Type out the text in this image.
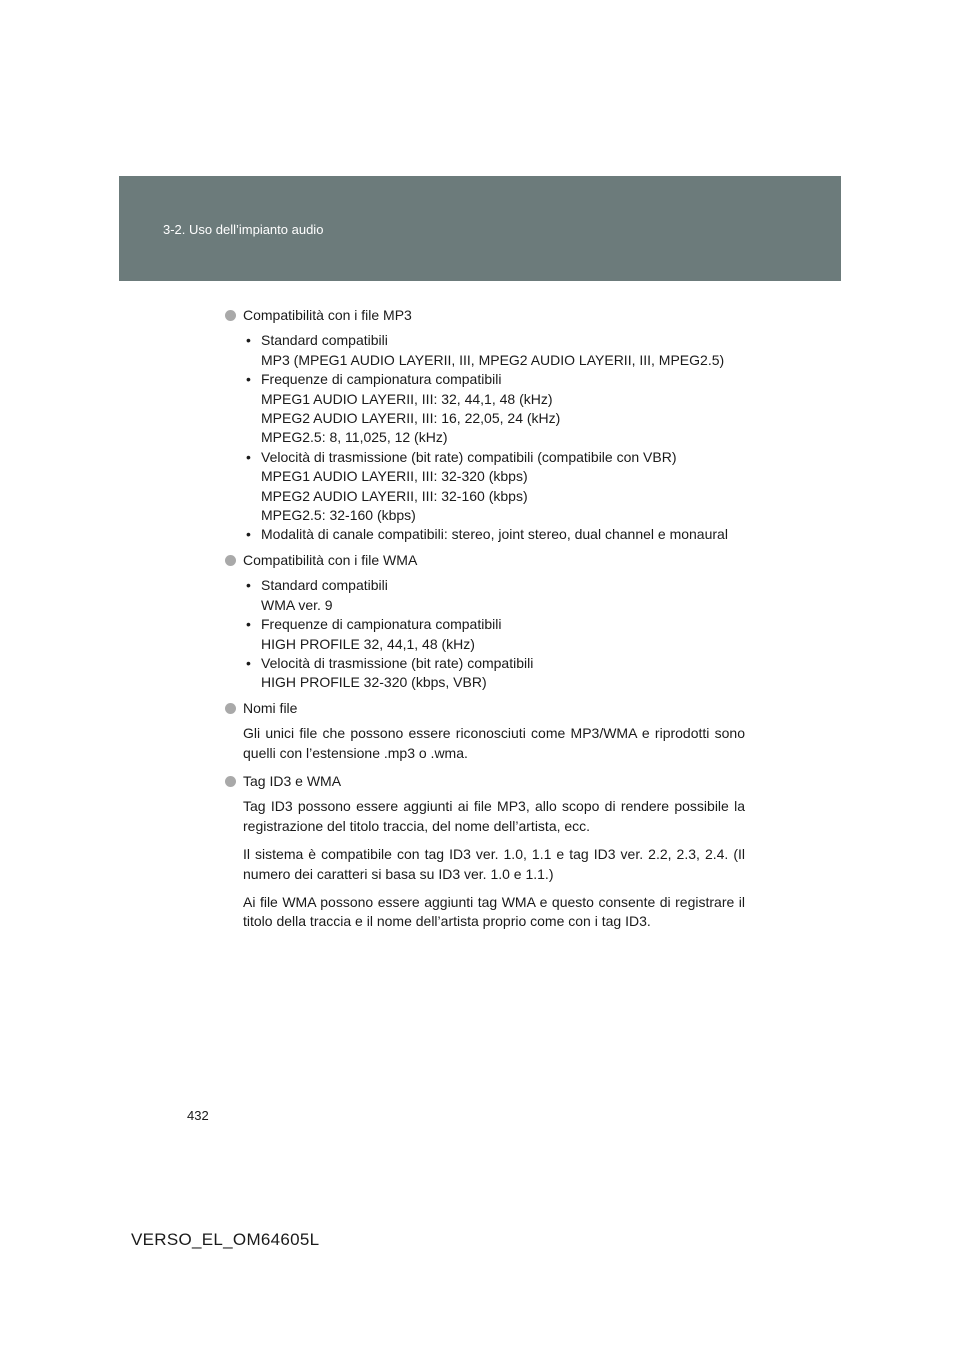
3-2. Uso dell’impianto audio
Compatibilità con i file MP3
• Standard compatibili
MP3 (MPEG1 AUDIO LAYERII, III, MPEG2 AUDIO LAYERII, III, MPEG2.5)
• Frequenze di campionatura compatibili
MPEG1 AUDIO LAYERII, III: 32, 44,1, 48 (kHz)
MPEG2 AUDIO LAYERII, III: 16, 22,05, 24 (kHz)
MPEG2.5: 8, 11,025, 12 (kHz)
• Velocità di trasmissione (bit rate) compatibili (compatibile con VBR)
MPEG1 AUDIO LAYERII, III: 32-320 (kbps)
MPEG2 AUDIO LAYERII, III: 32-160 (kbps)
MPEG2.5: 32-160 (kbps)
• Modalità di canale compatibili: stereo, joint stereo, dual channel e monaural
Compatibilità con i file WMA
• Standard compatibili
WMA ver. 9
• Frequenze di campionatura compatibili
HIGH PROFILE 32, 44,1, 48 (kHz)
• Velocità di trasmissione (bit rate) compatibili
HIGH PROFILE 32-320 (kbps, VBR)
Nomi file

Gli unici file che possono essere riconosciuti come MP3/WMA e riprodotti sono quelli con l’estensione .mp3 o .wma.

Tag ID3 e WMA

Tag ID3 possono essere aggiunti ai file MP3, allo scopo di rendere possibile la registrazione del titolo traccia, del nome dell’artista, ecc.

Il sistema è compatibile con tag ID3 ver. 1.0, 1.1 e tag ID3 ver. 2.2, 2.3, 2.4. (Il numero dei caratteri si basa su ID3 ver. 1.0 e 1.1.)

Ai file WMA possono essere aggiunti tag WMA e questo consente di registrare il titolo della traccia e il nome dell’artista proprio come con i tag ID3.

432
VERSO_EL_OM64605L
